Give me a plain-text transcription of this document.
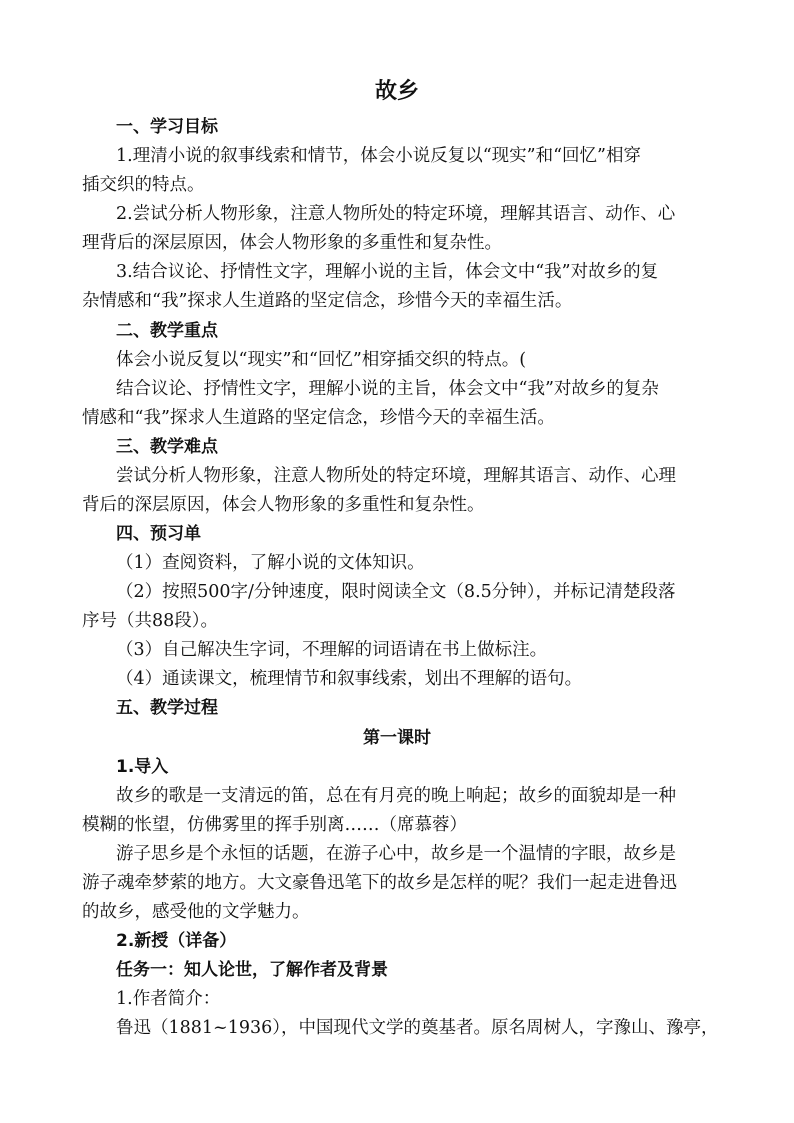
故乡
一、学习目标
1.理清小说的叙事线索和情节，体会小说反复以“现实”和“回忆”相穿
插交织的特点。
2.尝试分析人物形象，注意人物所处的特定环境，理解其语言、动作、心
理背后的深层原因，体会人物形象的多重性和复杂性。
3.结合议论、抒情性文字，理解小说的主旨，体会文中“我”对故乡的复
杂情感和“我”探求人生道路的坚定信念，珍惜今天的幸福生活。
二、教学重点
体会小说反复以“现实”和“回忆”相穿插交织的特点。(
结合议论、抒情性文字，理解小说的主旨，体会文中“我”对故乡的复杂
情感和“我”探求人生道路的坚定信念，珍惜今天的幸福生活。
三、教学难点
尝试分析人物形象，注意人物所处的特定环境，理解其语言、动作、心理
背后的深层原因，体会人物形象的多重性和复杂性。
四、预习单
（1）查阅资料，了解小说的文体知识。
（2）按照500字/分钟速度，限时阅读全文（8.5分钟），并标记清楚段落
序号（共88段）。
（3）自己解决生字词，不理解的词语请在书上做标注。
（4）通读课文，梳理情节和叙事线索，划出不理解的语句。
五、教学过程
第一课时
1.导入
故乡的歌是一支清远的笛，总在有月亮的晚上响起；故乡的面貌却是一种
模糊的怅望，仿佛雾里的挥手别离……（席慕蓉）
游子思乡是个永恒的话题，在游子心中，故乡是一个温情的字眼，故乡是
游子魂牵梦萦的地方。大文豪鲁迅笔下的故乡是怎样的呢？我们一起走进鲁迅
的故乡，感受他的文学魅力。
2.新授（详备）
任务一：知人论世，了解作者及背景
1.作者简介：
鲁迅（1881~1936），中国现代文学的奠基者。原名周树人，字豫山、豫亭，
